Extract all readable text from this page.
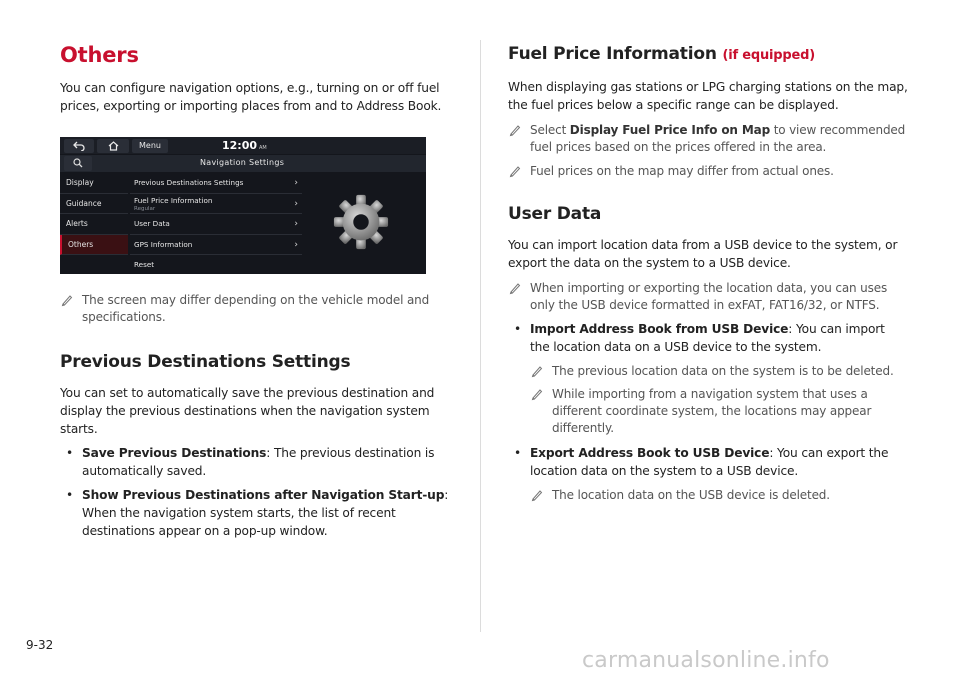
Others
You can configure navigation options, e.g., turning on or off fuel prices, exporting or importing places from and to Address Book.
Menu	12:00 AM
Navigation Settings
Display
Guidance
Alerts
Others
Previous Destinations Settings	›
Fuel Price Information
Regular	›
User Data	›
GPS Information	›
Reset
The screen may differ depending on the vehicle model and specifications.
Previous Destinations Settings
You can set to automatically save the previous destination and display the previous destinations when the navigation system starts.
• Save Previous Destinations: The previous destination is automatically saved.
• Show Previous Destinations after Navigation Start-up: When the navigation system starts, the list of recent destinations appear on a pop-up window.
Fuel Price Information (if equipped)
When displaying gas stations or LPG charging stations on the map, the fuel prices below a specific range can be displayed.
Select Display Fuel Price Info on Map to view recommended fuel prices based on the prices offered in the area.
Fuel prices on the map may differ from actual ones.
User Data
You can import location data from a USB device to the system, or export the data on the system to a USB device.
When importing or exporting the location data, you can uses only the USB device formatted in exFAT, FAT16/32, or NTFS.
• Import Address Book from USB Device: You can import the location data on a USB device to the system.
The previous location data on the system is to be deleted.
While importing from a navigation system that uses a different coordinate system, the locations may appear differently.
• Export Address Book to USB Device: You can export the location data on the system to a USB device.
The location data on the USB device is deleted.
9-32
carmanualsonline.info
